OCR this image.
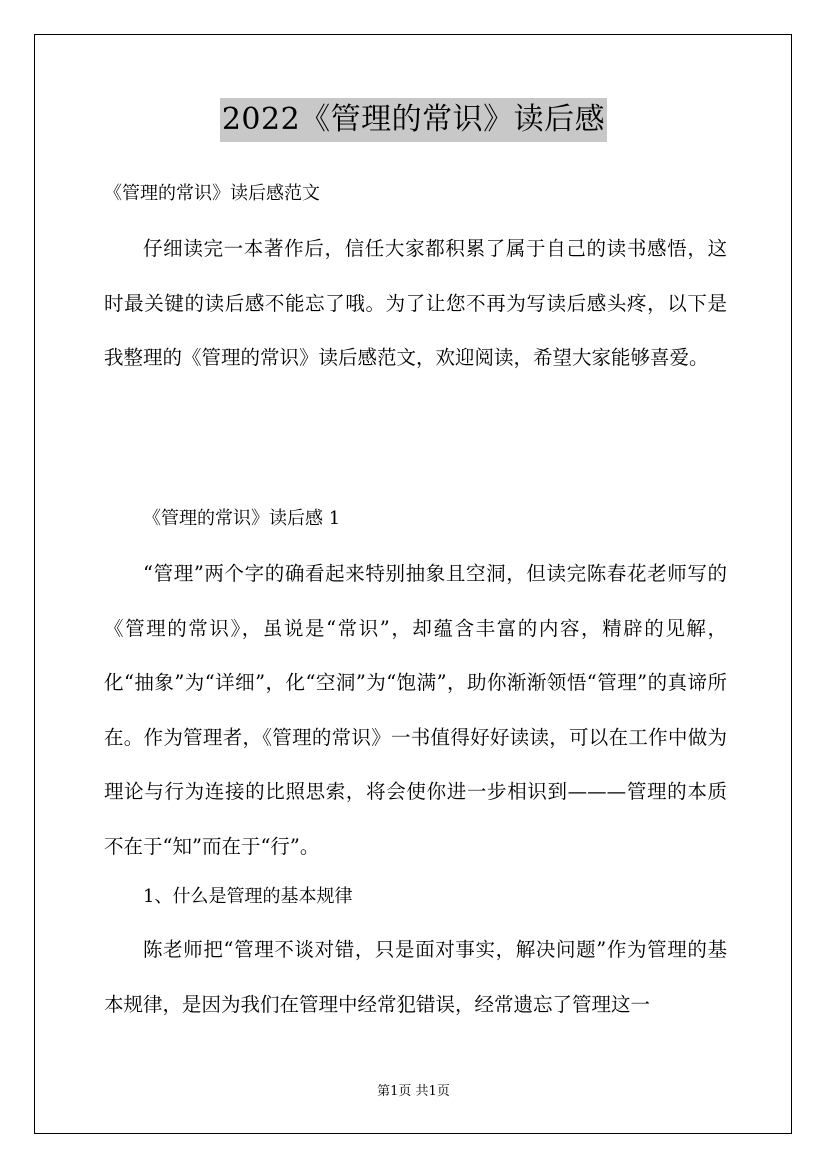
2022《管理的常识》读后感
《管理的常识》读后感范文

仔细读完一本著作后，信任大家都积累了属于自己的读书感悟，这时最关键的读后感不能忘了哦。为了让您不再为写读后感头疼，以下是我整理的《管理的常识》读后感范文，欢迎阅读，希望大家能够喜爱。

《管理的常识》读后感 1

“管理”两个字的确看起来特别抽象且空洞，但读完陈春花老师写的《管理的常识》，虽说是“常识”，却蕴含丰富的内容，精辟的见解，化“抽象”为“详细”，化“空洞”为“饱满”，助你渐渐领悟“管理”的真谛所在。作为管理者，《管理的常识》一书值得好好读读，可以在工作中做为理论与行为连接的比照思索，将会使你进一步相识到———管理的本质不在于“知”而在于“行”。

1、什么是管理的基本规律

陈老师把“管理不谈对错，只是面对事实，解决问题”作为管理的基本规律，是因为我们在管理中经常犯错误，经常遗忘了管理这一

第1页 共1页
